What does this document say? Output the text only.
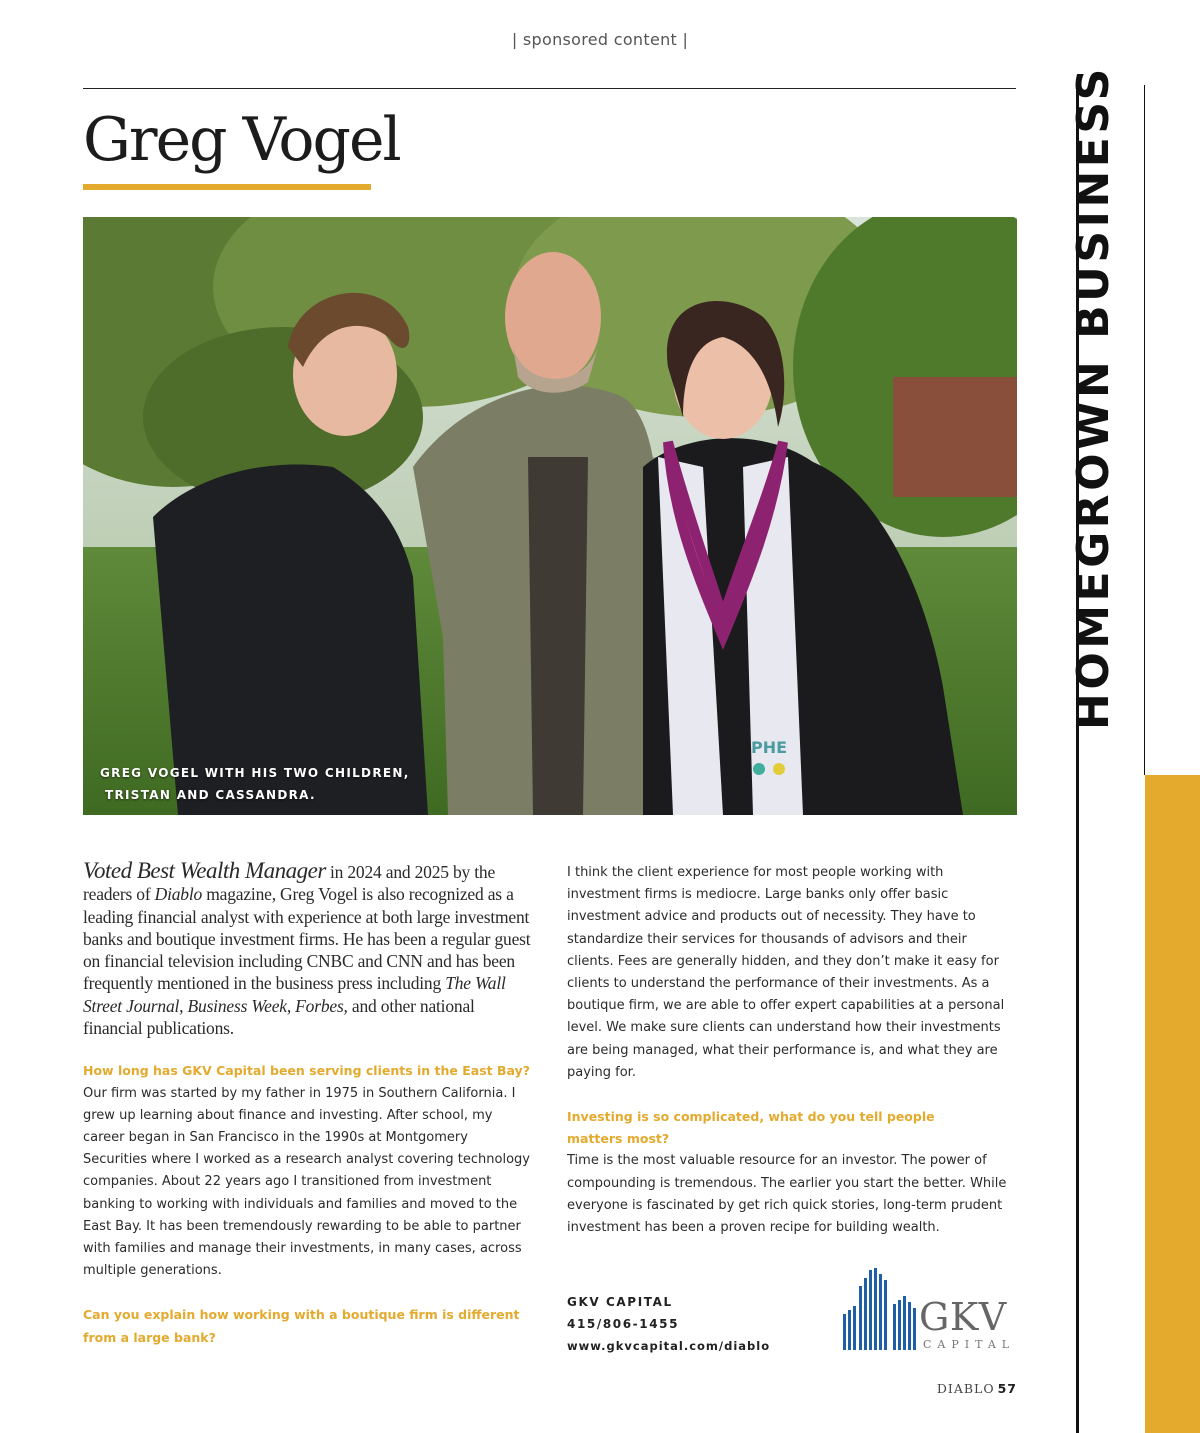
| sponsored content |
Greg Vogel
PHE
GREG VOGEL WITH HIS TWO CHILDREN,
TRISTAN AND CASSANDRA.

Voted Best Wealth Manager in 2024 and 2025 by the readers of Diablo magazine, Greg Vogel is also recognized as a leading financial analyst with experience at both large investment banks and boutique investment firms. He has been a regular guest on financial television including CNBC and CNN and has been frequently mentioned in the business press including The Wall Street Journal, Business Week, Forbes, and other national financial publications.

How long has GKV Capital been serving clients in the East Bay?

Our firm was started by my father in 1975 in Southern California. I grew up learning about finance and investing. After school, my career began in San Francisco in the 1990s at Montgomery Securities where I worked as a research analyst covering technology companies. About 22 years ago I transitioned from investment banking to working with individuals and families and moved to the East Bay. It has been tremendously rewarding to be able to partner with families and manage their investments, in many cases, across multiple generations.

Can you explain how working with a boutique firm is different from a large bank?

I think the client experience for most people working with investment firms is mediocre. Large banks only offer basic investment advice and products out of necessity. They have to standardize their services for thousands of advisors and their clients. Fees are generally hidden, and they don’t make it easy for clients to understand the performance of their investments. As a boutique firm, we are able to offer expert capabilities at a personal level. We make sure clients can understand how their investments are being managed, what their performance is, and what they are paying for.

Investing is so complicated, what do you tell people matters most?

Time is the most valuable resource for an investor. The power of compounding is tremendous. The earlier you start the better. While everyone is fascinated by get rich quick stories, long-term prudent investment has been a proven recipe for building wealth.

GKV CAPITAL
415/806-1455
www.gkvcapital.com/diablo
GKV
CAPITAL
DIABLO 57
HOMEGROWN BUSINESS
